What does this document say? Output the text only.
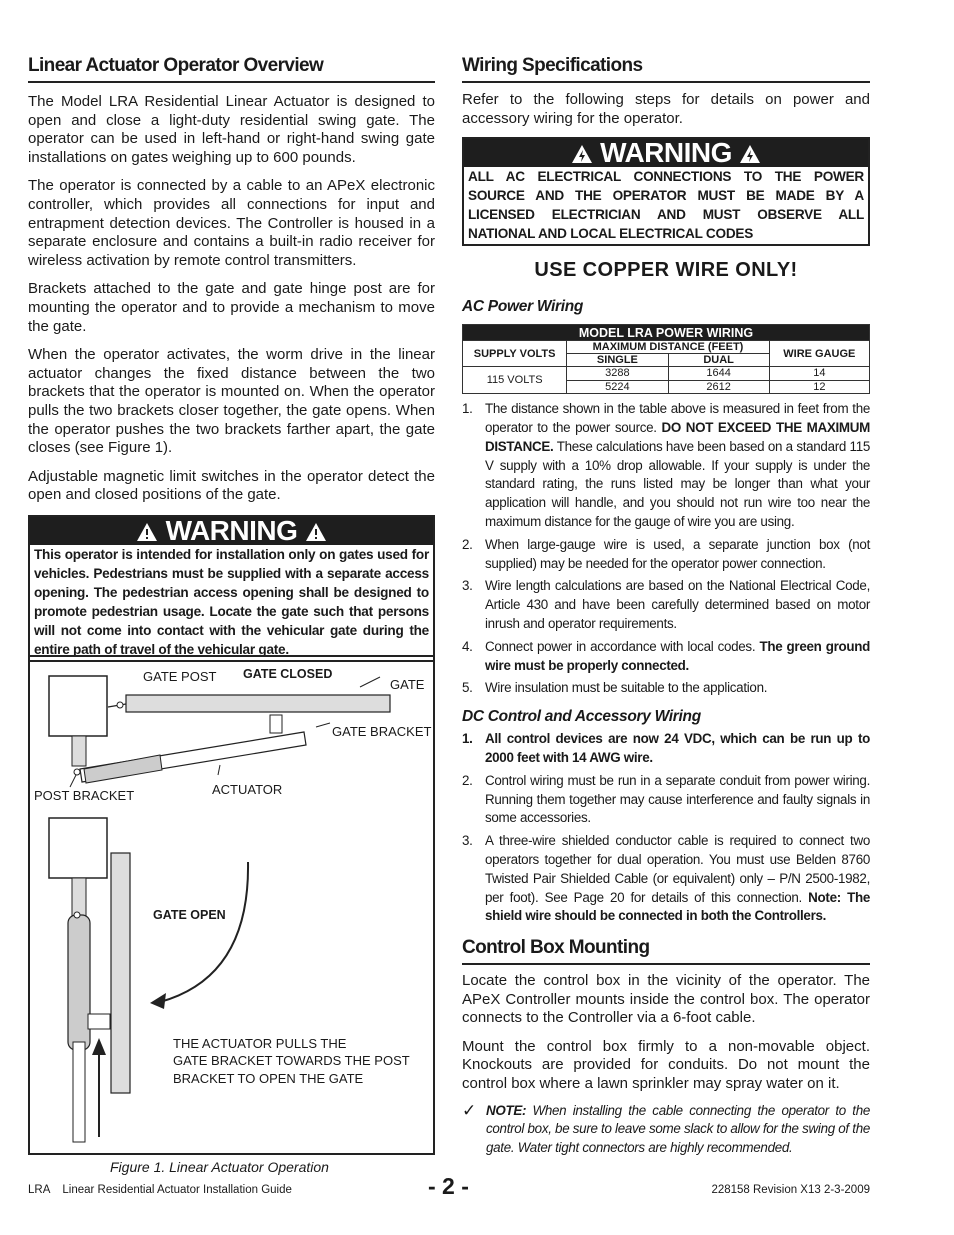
Linear Actuator Operator Overview

The Model LRA Residential Linear Actuator is designed to open and close a light-duty residential swing gate. The operator can be used in left-hand or right-hand swing gate installations on gates weighing up to 600 pounds.

The operator is connected by a cable to an APeX electronic controller, which provides all connections for input and entrapment detection devices. The Controller is housed in a separate enclosure and contains a built-in radio receiver for wireless activation by remote control transmitters.

Brackets attached to the gate and gate hinge post are for mounting the operator and to provide a mechanism to move the gate.

When the operator activates, the worm drive in the linear actuator changes the fixed distance between the two brackets that the operator is mounted on. When the operator pulls the two brackets closer together, the gate opens. When the operator pushes the two brackets farther apart, the gate closes (see Figure 1).

Adjustable magnetic limit switches in the operator detect the open and closed positions of the gate.

WARNING
This operator is intended for installation only on gates used for vehicles. Pedestrians must be supplied with a separate access opening. The pedestrian access opening shall be designed to promote pedestrian usage. Locate the gate such that persons will not come into contact with the vehicular gate during the entire path of travel of the vehicular gate.
GATE POST GATE CLOSED
GATE
GATE BRACKET
POST BRACKET	ACTUATOR
GATE OPEN
THE ACTUATOR PULLS THE
GATE BRACKET TOWARDS THE POST
BRACKET TO OPEN THE GATE
Figure 1. Linear Actuator Operation
Wiring Specifications

Refer to the following steps for details on power and accessory wiring for the operator.

WARNING
ALL AC ELECTRICAL CONNECTIONS TO THE POWER SOURCE AND THE OPERATOR MUST BE MADE BY A LICENSED ELECTRICIAN AND MUST OBSERVE ALL NATIONAL AND LOCAL ELECTRICAL CODES
USE COPPER WIRE ONLY!
AC Power Wiring
MODEL LRA POWER WIRING			
SUPPLY VOLTS	MAXIMUM DISTANCE (FEET)		WIRE GAUGE
	SINGLE	DUAL	
115 VOLTS	3288	1644	14
	5224	2612	12
1. The distance shown in the table above is measured in feet from the operator to the power source. DO NOT EXCEED THE MAXIMUM DISTANCE. These calculations have been based on a standard 115 V supply with a 10% drop allowable. If your supply is under the standard rating, the runs listed may be longer than what your application will handle, and you should not run wire too near the maximum distance for the gauge of wire you are using.
2. When large-gauge wire is used, a separate junction box (not supplied) may be needed for the operator power connection.
3. Wire length calculations are based on the National Electrical Code, Article 430 and have been carefully determined based on motor inrush and operator requirements.
4. Connect power in accordance with local codes. The green ground wire must be properly connected.
5. Wire insulation must be suitable to the application.
DC Control and Accessory Wiring
1. All control devices are now 24 VDC, which can be run up to 2000 feet with 14 AWG wire.
2. Control wiring must be run in a separate conduit from power wiring. Running them together may cause interference and faulty signals in some accessories.
3. A three-wire shielded conductor cable is required to connect two operators together for dual operation. You must use Belden 8760 Twisted Pair Shielded Cable (or equivalent) only – P/N 2500-1982, per foot). See Page 20 for details of this connection. Note: The shield wire should be connected in both the Controllers.
Control Box Mounting

Locate the control box in the vicinity of the operator. The APeX Controller mounts inside the control box. The operator connects to the Controller via a 6-foot cable.

Mount the control box firmly to a non-movable object. Knockouts are provided for conduits. Do not mount the control box where a lawn sprinkler may spray water on it.

✓ NOTE: When installing the cable connecting the operator to the control box, be sure to leave some slack to allow for the swing of the gate. Water tight connectors are highly recommended.
LRA Linear Residential Actuator Installation Guide	- 2 -	228158 Revision X13 2-3-2009
